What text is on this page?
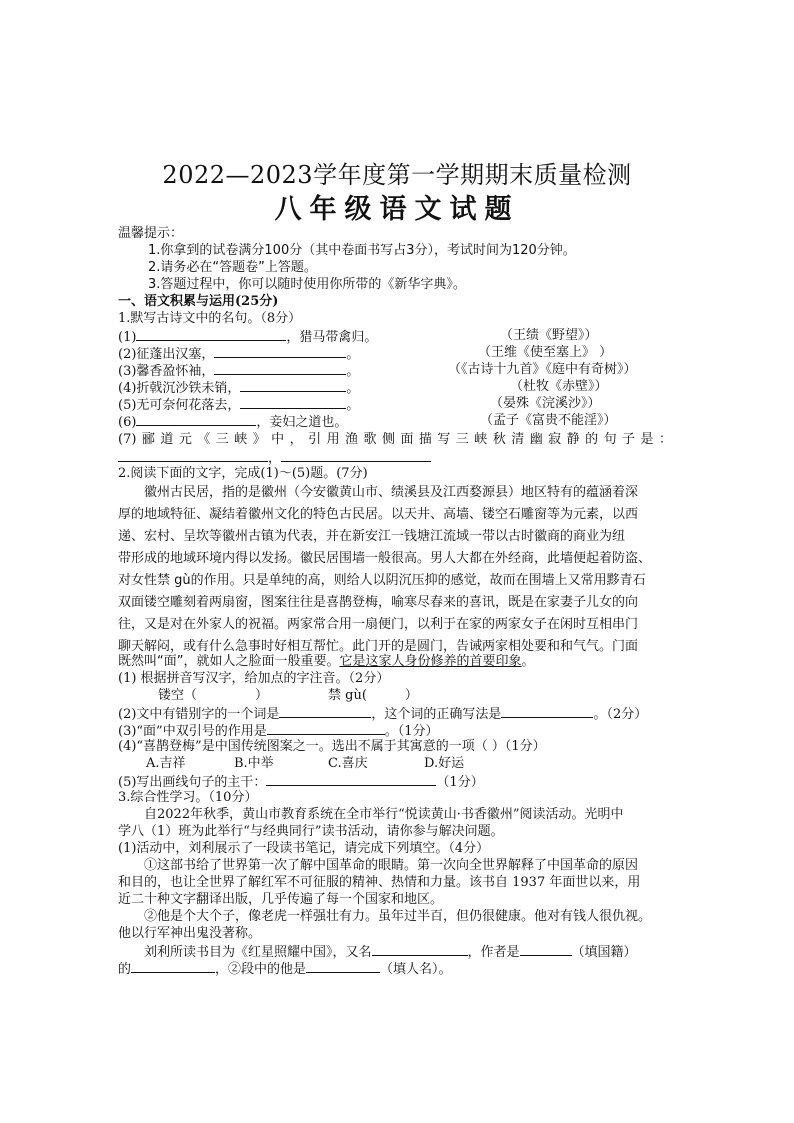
2022—2023学年度第一学期期末质量检测
八年级语文试题
温馨提示：
1.你拿到的试卷满分100分（其中卷面书写占3分），考试时间为120分钟。
2.请务必在“答题卷”上答题。
3.答题过程中，你可以随时使用你所带的《新华字典》。
一、语文积累与运用(25分)
1.默写古诗文中的名句。（8分）
(1)	，猎马带禽归。	（王绩《野望》）
(2)征蓬出汉塞，	。	（王维《使至塞上》 ）
(3)馨香盈怀袖，	。	（《古诗十九首》《庭中有奇树》）
(4)折戟沉沙铁未销，	。	（杜牧《赤壁》）
(5)无可奈何花落去，	。	（晏殊《浣溪沙》）
(6)	，妾妇之道也。	（孟子《富贵不能淫》）
(7)郦道元《三峡》中，引用渔歌侧面描写三峡秋清幽寂静的句子是：
，
2.阅读下面的文字，完成(1)～(5)题。(7分)
徽州古民居，指的是徽州（今安徽黄山市、绩溪县及江西婺源县）地区特有的蕴涵着深
厚的地域特征、凝结着徽州文化的特色古民居。以天井、高墙、镂空石雕窗等为元素，以西
递、宏村、呈坎等徽州古镇为代表，并在新安江一钱塘江流域一带以古时徽商的商业为纽
带形成的地域环境内得以发扬。徽民居围墙一般很高。男人大都在外经商，此墙便起着防盗、
对女性禁 gù的作用。只是单纯的高，则给人以阴沉压抑的感觉，故而在围墙上又常用黟青石
双面镂空雕刻着两扇窗，图案往往是喜鹊登梅，喻寒尽春来的喜讯，既是在家妻子儿女的向
往，又是对在外家人的祝福。两家常合用一扇便门，以利于在家的两家女子在闲时互相串门
聊天解闷，或有什么急事时好相互帮忙。此门开的是圆门，告诫两家相处要和和气气。门面
既然叫“面”，就如人之脸面一般重要。它是这家人身份修养的首要印象。
(1) 根据拼音写汉字，给加点的字注音。（2分）
镂空（	）	禁 gù(	）
(2)文中有错别字的一个词是	，这个词的正确写法是	。（2分）
(3)“面”中双引号的作用是	。（1分）
(4)“喜鹊登梅”是中国传统图案之一。选出不属于其寓意的一项（ ）（1分）
A.吉祥	B.中举	C.喜庆	D.好运
(5)写出画线句子的主干：	（1分）
3.综合性学习。（10分）
自2022年秋季，黄山市教育系统在全市举行“悦读黄山·书香徽州”阅读活动。光明中
学八（1）班为此举行“与经典同行”读书活动，请你参与解决问题。
(1)活动中，刘利展示了一段读书笔记，请完成下列填空。（4分）
①这部书给了世界第一次了解中国革命的眼睛。第一次向全世界解释了中国革命的原因
和目的，也让全世界了解红军不可征服的精神、热情和力量。该书自 1937 年面世以来，用
近二十种文字翻译出版，几乎传遍了每一个国家和地区。
②他是个大个子，像老虎一样强壮有力。虽年过半百，但仍很健康。他对有钱人很仇视。
他以行军神出鬼没著称。
刘利所读书目为《红星照耀中国》，又名	，作者是	（填国籍）
的	，②段中的他是	（填人名）。
